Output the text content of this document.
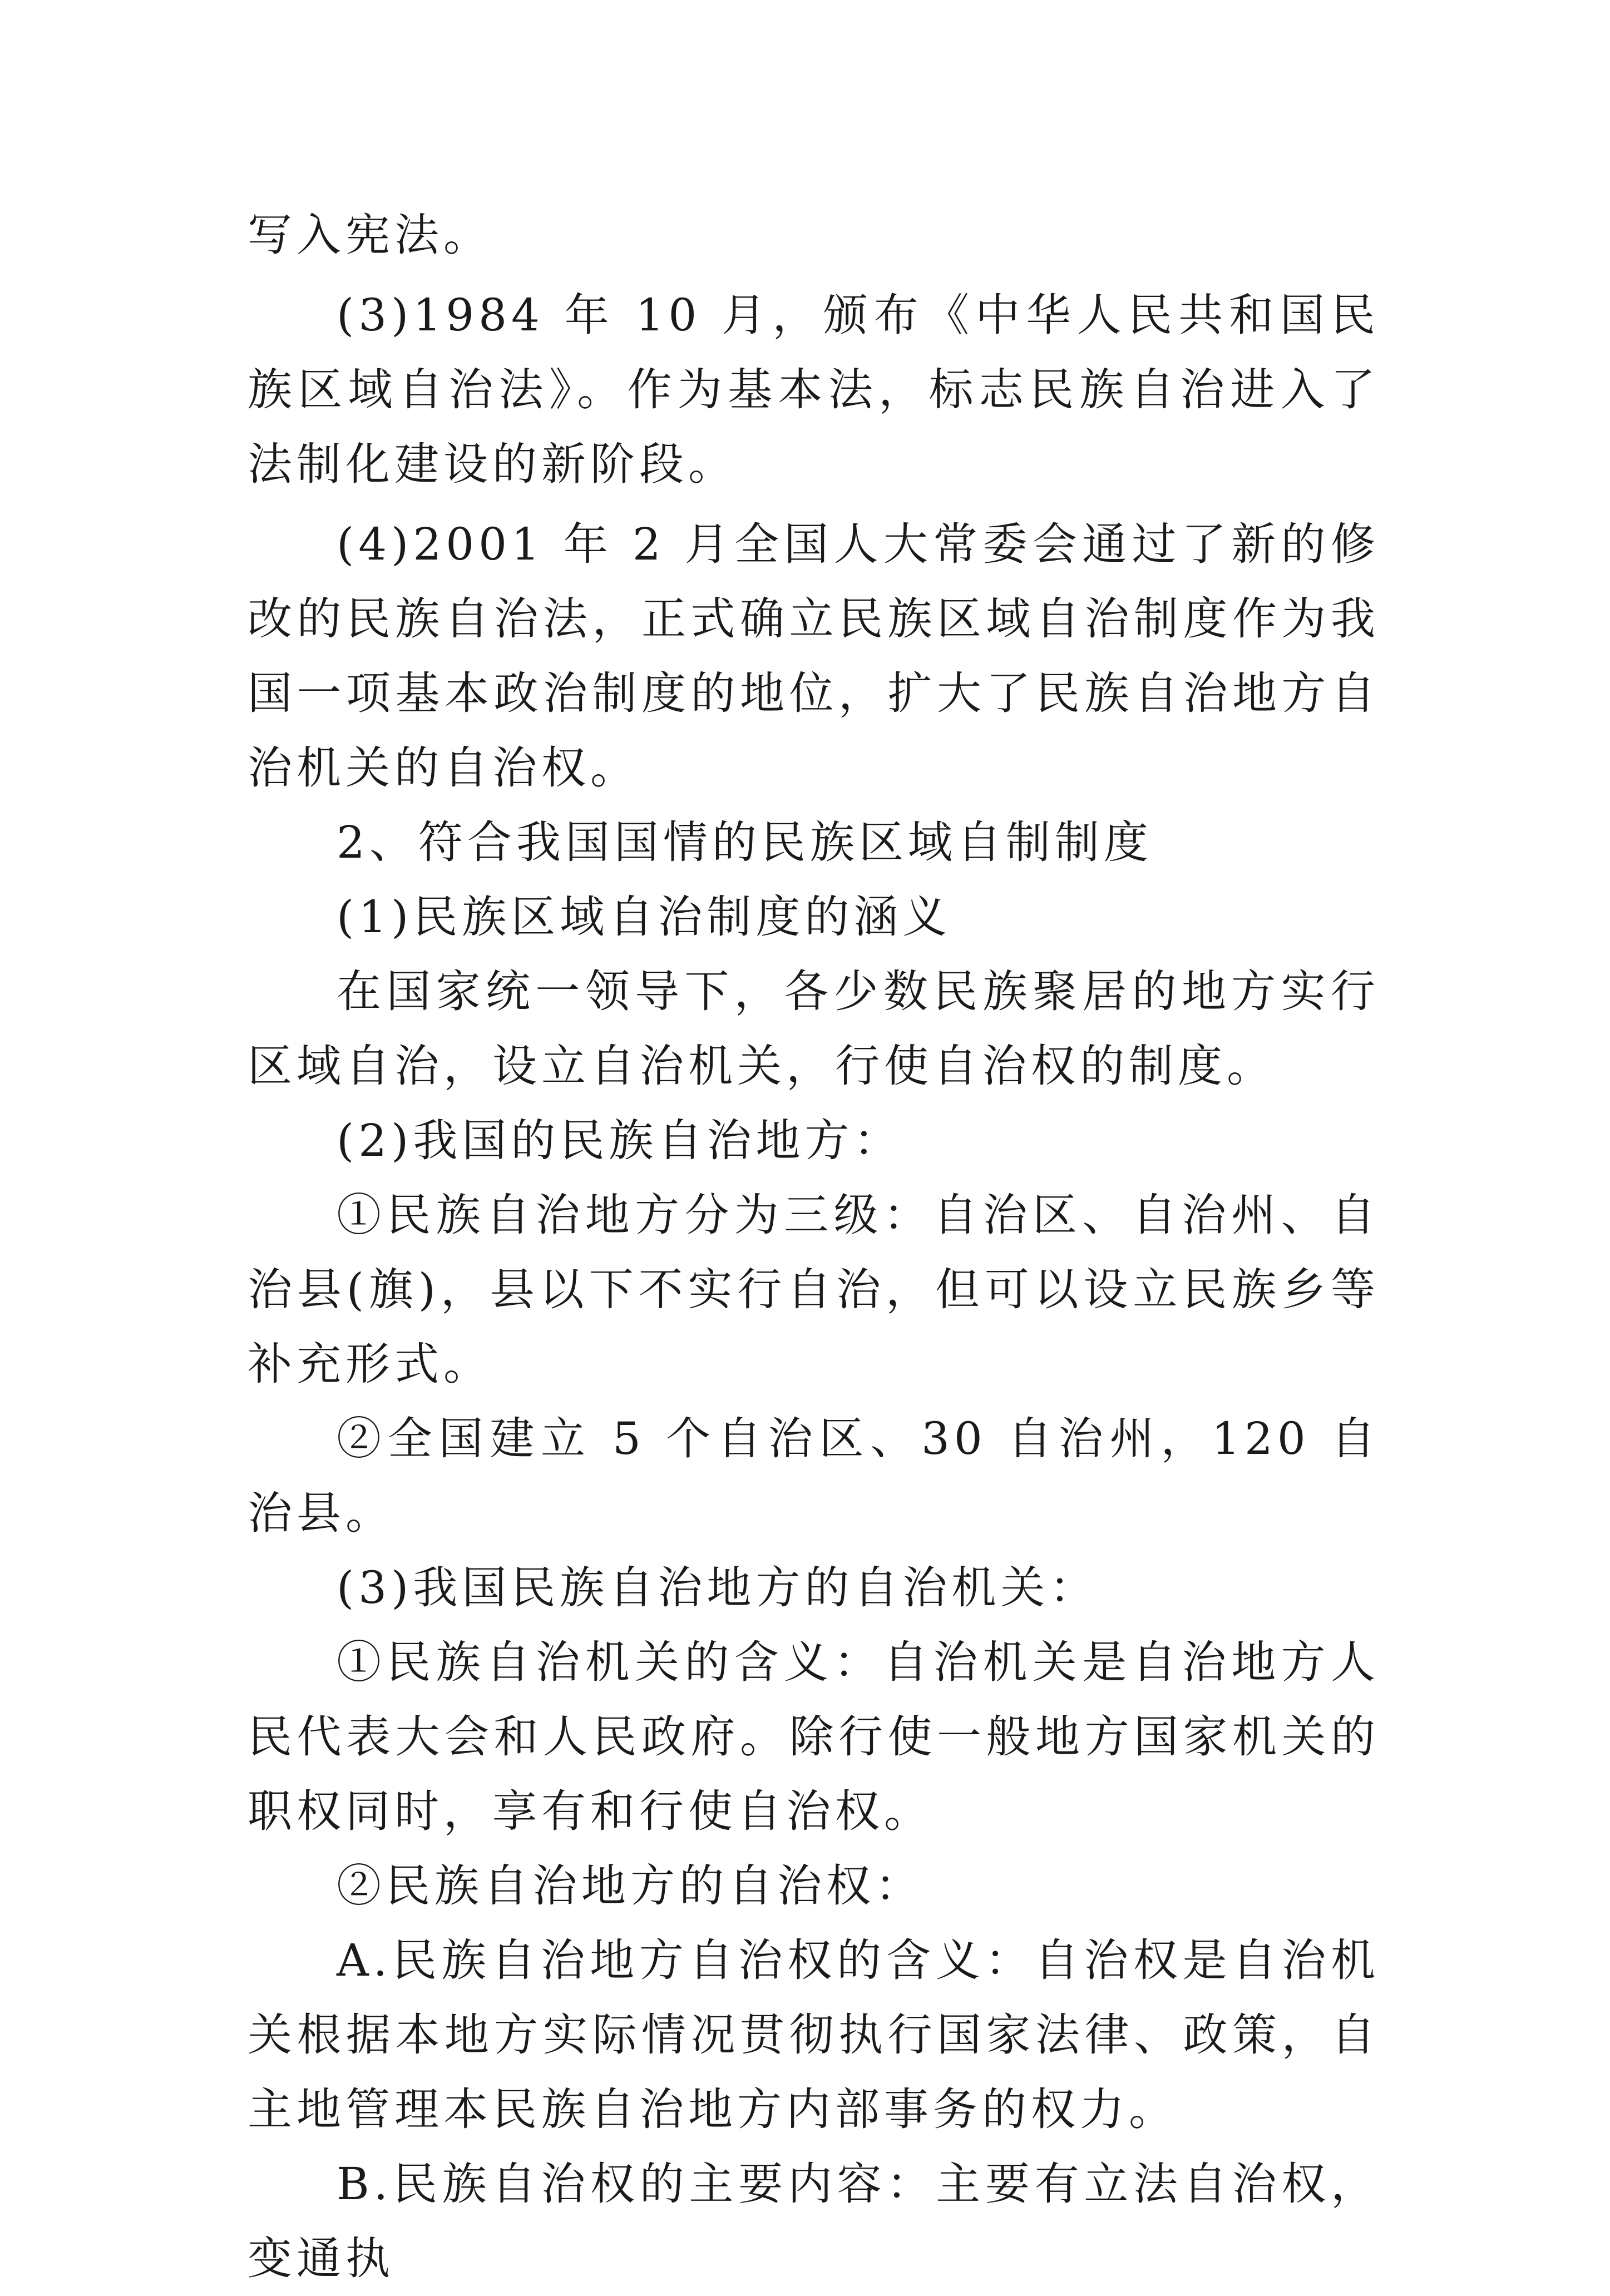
写入宪法。

(3)1984 年 10 月，颁布《中华人民共和国民族区域自治法》。作为基本法，标志民族自治进入了法制化建设的新阶段。

(4)2001 年 2 月全国人大常委会通过了新的修改的民族自治法，正式确立民族区域自治制度作为我国一项基本政治制度的地位，扩大了民族自治地方自治机关的自治权。

2、符合我国国情的民族区域自制制度

(1)民族区域自治制度的涵义

在国家统一领导下，各少数民族聚居的地方实行区域自治，设立自治机关，行使自治权的制度。

(2)我国的民族自治地方：

①民族自治地方分为三级：自治区、自治州、自治县(旗)，县以下不实行自治，但可以设立民族乡等补充形式。

②全国建立 5 个自治区、30 自治州，120 自治县。

(3)我国民族自治地方的自治机关：

①民族自治机关的含义：自治机关是自治地方人民代表大会和人民政府。除行使一般地方国家机关的职权同时，享有和行使自治权。

②民族自治地方的自治权：

A.民族自治地方自治权的含义：自治权是自治机关根据本地方实际情况贯彻执行国家法律、政策，自主地管理本民族自治地方内部事务的权力。

B.民族自治权的主要内容：主要有立法自治权，变通执
